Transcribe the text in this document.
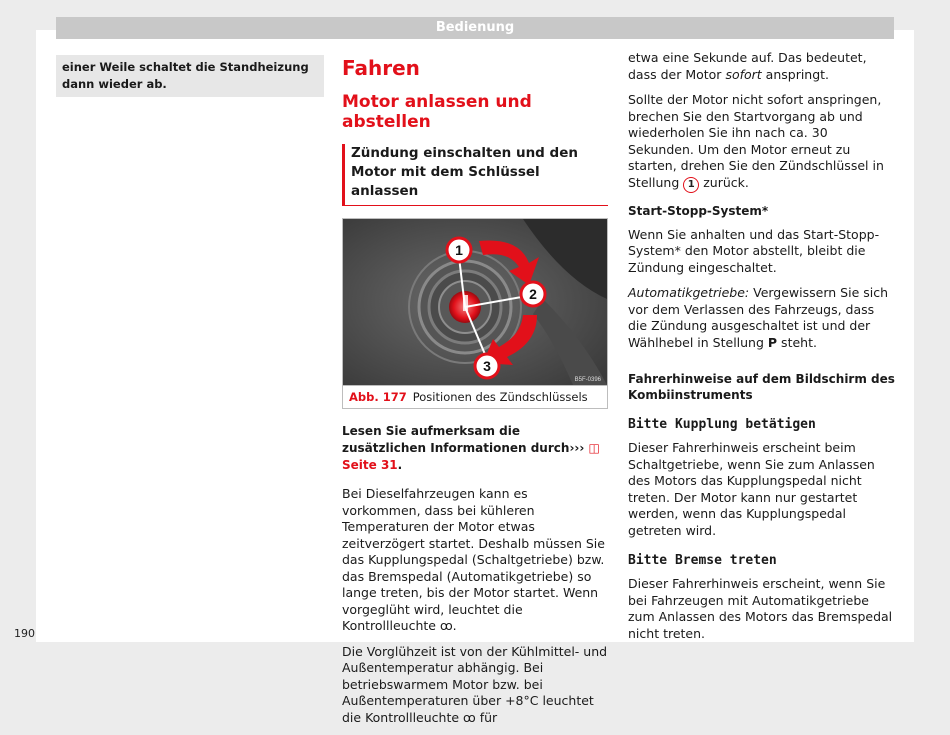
Bedienung
einer Weile schaltet die Standheizung dann wieder ab.
Fahren
Motor anlassen und abstellen
Zündung einschalten und den Motor mit dem Schlüssel anlassen
1
2
3
B5F-0396
Abb. 177 Positionen des Zündschlüssels
Lesen Sie aufmerksam die zusätzlichen Informationen durch››› ◫ Seite 31.

Bei Dieselfahrzeugen kann es vorkommen, dass bei kühleren Temperaturen der Motor etwas zeitverzögert startet. Deshalb müssen Sie das Kupplungspedal (Schaltgetriebe) bzw. das Bremspedal (Automatikgetriebe) so lange treten, bis der Motor startet. Wenn vorgeglüht wird, leuchtet die Kontrollleuchte ꝏ.

Die Vorglühzeit ist von der Kühlmittel- und Außentemperatur abhängig. Bei betriebswarmem Motor bzw. bei Außentemperaturen über +8°C leuchtet die Kontrollleuchte ꝏ für

etwa eine Sekunde auf. Das bedeutet, dass der Motor sofort anspringt.

Sollte der Motor nicht sofort anspringen, brechen Sie den Startvorgang ab und wiederholen Sie ihn nach ca. 30 Sekunden. Um den Motor erneut zu starten, drehen Sie den Zündschlüssel in Stellung 1 zurück.

Start-Stopp-System*

Wenn Sie anhalten und das Start-Stopp-System* den Motor abstellt, bleibt die Zündung eingeschaltet.

Automatikgetriebe: Vergewissern Sie sich vor dem Verlassen des Fahrzeugs, dass die Zündung ausgeschaltet ist und der Wählhebel in Stellung P steht.

Fahrerhinweise auf dem Bildschirm des Kombiinstruments
Bitte Kupplung betätigen

Dieser Fahrerhinweis erscheint beim Schaltgetriebe, wenn Sie zum Anlassen des Motors das Kupplungspedal nicht treten. Der Motor kann nur gestartet werden, wenn das Kupplungspedal getreten wird.

Bitte Bremse treten

Dieser Fahrerhinweis erscheint, wenn Sie bei Fahrzeugen mit Automatikgetriebe zum Anlassen des Motors das Bremspedal nicht treten.

190
